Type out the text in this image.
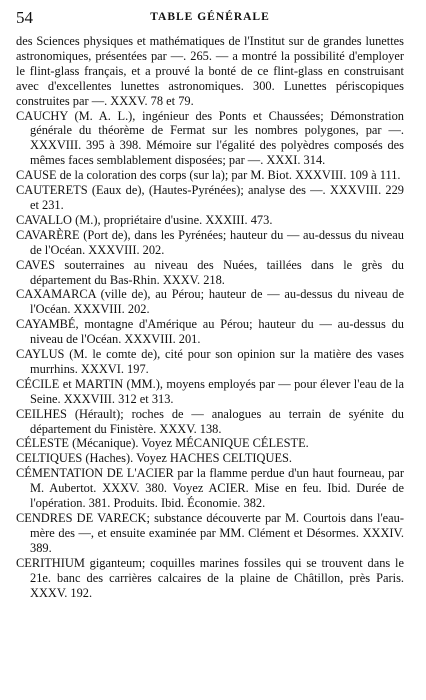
54	TABLE GÉNÉRALE

des Sciences physiques et mathématiques de l'Institut sur de grandes lunettes astronomiques, présentées par —. 265. — a montré la possibilité d'employer le flint-glass français, et a prouvé la bonté de ce flint-glass en construisant avec d'excellentes lunettes astronomiques. 300. Lunettes périscopiques construites par —. XXXV. 78 et 79.

CAUCHY (M. A. L.), ingénieur des Ponts et Chaussées; Démonstration générale du théorème de Fermat sur les nombres polygones, par —. XXXVIII. 395 à 398. Mémoire sur l'égalité des polyèdres composés des mêmes faces semblablement disposées; par —. XXXI. 314.

CAUSE de la coloration des corps (sur la); par M. Biot. XXXVIII. 109 à 111.

CAUTERETS (Eaux de), (Hautes-Pyrénées); analyse des —. XXXVIII. 229 et 231.

CAVALLO (M.), propriétaire d'usine. XXXIII. 473.

CAVARÈRE (Port de), dans les Pyrénées; hauteur du — au-dessus du niveau de l'Océan. XXXVIII. 202.

CAVES souterraines au niveau des Nuées, taillées dans le grès du département du Bas-Rhin. XXXV. 218.

CAXAMARCA (ville de), au Pérou; hauteur de — au-dessus du niveau de l'Océan. XXXVIII. 202.

CAYAMBÉ, montagne d'Amérique au Pérou; hauteur du — au-dessus du niveau de l'Océan. XXXVIII. 201.

CAYLUS (M. le comte de), cité pour son opinion sur la matière des vases murrhins. XXXVI. 197.

CÉCILE et MARTIN (MM.), moyens employés par — pour élever l'eau de la Seine. XXXVIII. 312 et 313.

CEILHES (Hérault); roches de — analogues au terrain de syénite du département du Finistère. XXXV. 138.

CÉLESTE (Mécanique). Voyez MÉCANIQUE CÉLESTE.

CELTIQUES (Haches). Voyez HACHES CELTIQUES.

CÉMENTATION DE L'ACIER par la flamme perdue d'un haut fourneau, par M. Aubertot. XXXV. 380. Voyez ACIER. Mise en feu. Ibid. Durée de l'opération. 381. Produits. Ibid. Économie. 382.

CENDRES DE VARECK; substance découverte par M. Courtois dans l'eau-mère des —, et ensuite examinée par MM. Clément et Désormes. XXXIV. 389.

CERITHIUM giganteum; coquilles marines fossiles qui se trouvent dans le 21e. banc des carrières calcaires de la plaine de Châtillon, près Paris. XXXV. 192.
